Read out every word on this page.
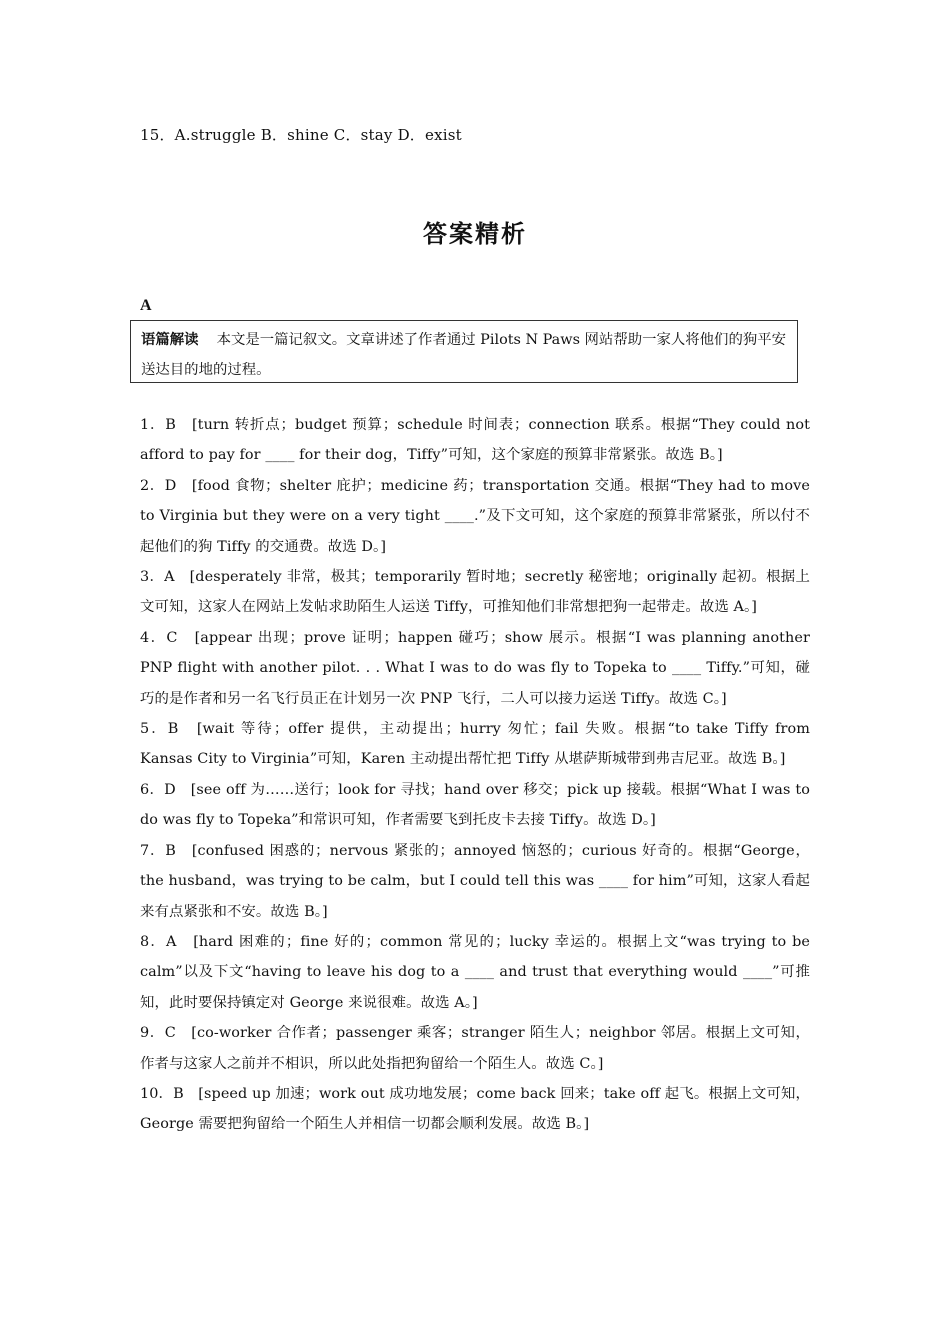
15．A.struggle B．shine C．stay D．exist
答案精析
A
语篇解读 本文是一篇记叙文。文章讲述了作者通过 Pilots N Paws 网站帮助一家人将他们的狗平安送达目的地的过程。

1．B　[turn 转折点；budget 预算；schedule 时间表；connection 联系。根据“They could not afford to pay for ____ for their dog，Tiffy”可知，这个家庭的预算非常紧张。故选 B。]

2．D　[food 食物；shelter 庇护；medicine 药；transportation 交通。根据“They had to move to Virginia but they were on a very tight ____.”及下文可知，这个家庭的预算非常紧张，所以付不起他们的狗 Tiffy 的交通费。故选 D。]

3．A　[desperately 非常，极其；temporarily 暂时地；secretly 秘密地；originally 起初。根据上文可知，这家人在网站上发帖求助陌生人运送 Tiffy，可推知他们非常想把狗一起带走。故选 A。]

4．C　[appear 出现；prove 证明；happen 碰巧；show 展示。根据“I was planning another PNP flight with another pilot. . . What I was to do was fly to Topeka to ____ Tiffy.”可知，碰巧的是作者和另一名飞行员正在计划另一次 PNP 飞行，二人可以接力运送 Tiffy。故选 C。]

5．B　[wait 等待；offer 提供，主动提出；hurry 匆忙；fail 失败。根据“to take Tiffy from Kansas City to Virginia”可知，Karen 主动提出帮忙把 Tiffy 从堪萨斯城带到弗吉尼亚。故选 B。]

6．D　[see off 为……送行；look for 寻找；hand over 移交；pick up 接载。根据“What I was to do was fly to Topeka”和常识可知，作者需要飞到托皮卡去接 Tiffy。故选 D。]

7．B　[confused 困惑的；nervous 紧张的；annoyed 恼怒的；curious 好奇的。根据“George，the husband，was trying to be calm，but I could tell this was ____ for him”可知，这家人看起来有点紧张和不安。故选 B。]

8．A　[hard 困难的；fine 好的；common 常见的；lucky 幸运的。根据上文“was trying to be calm”以及下文“having to leave his dog to a ____ and trust that everything would ____”可推知，此时要保持镇定对 George 来说很难。故选 A。]

9．C　[co-worker 合作者；passenger 乘客；stranger 陌生人；neighbor 邻居。根据上文可知，作者与这家人之前并不相识，所以此处指把狗留给一个陌生人。故选 C。]

10．B　[speed up 加速；work out 成功地发展；come back 回来；take off 起飞。根据上文可知，George 需要把狗留给一个陌生人并相信一切都会顺利发展。故选 B。]
